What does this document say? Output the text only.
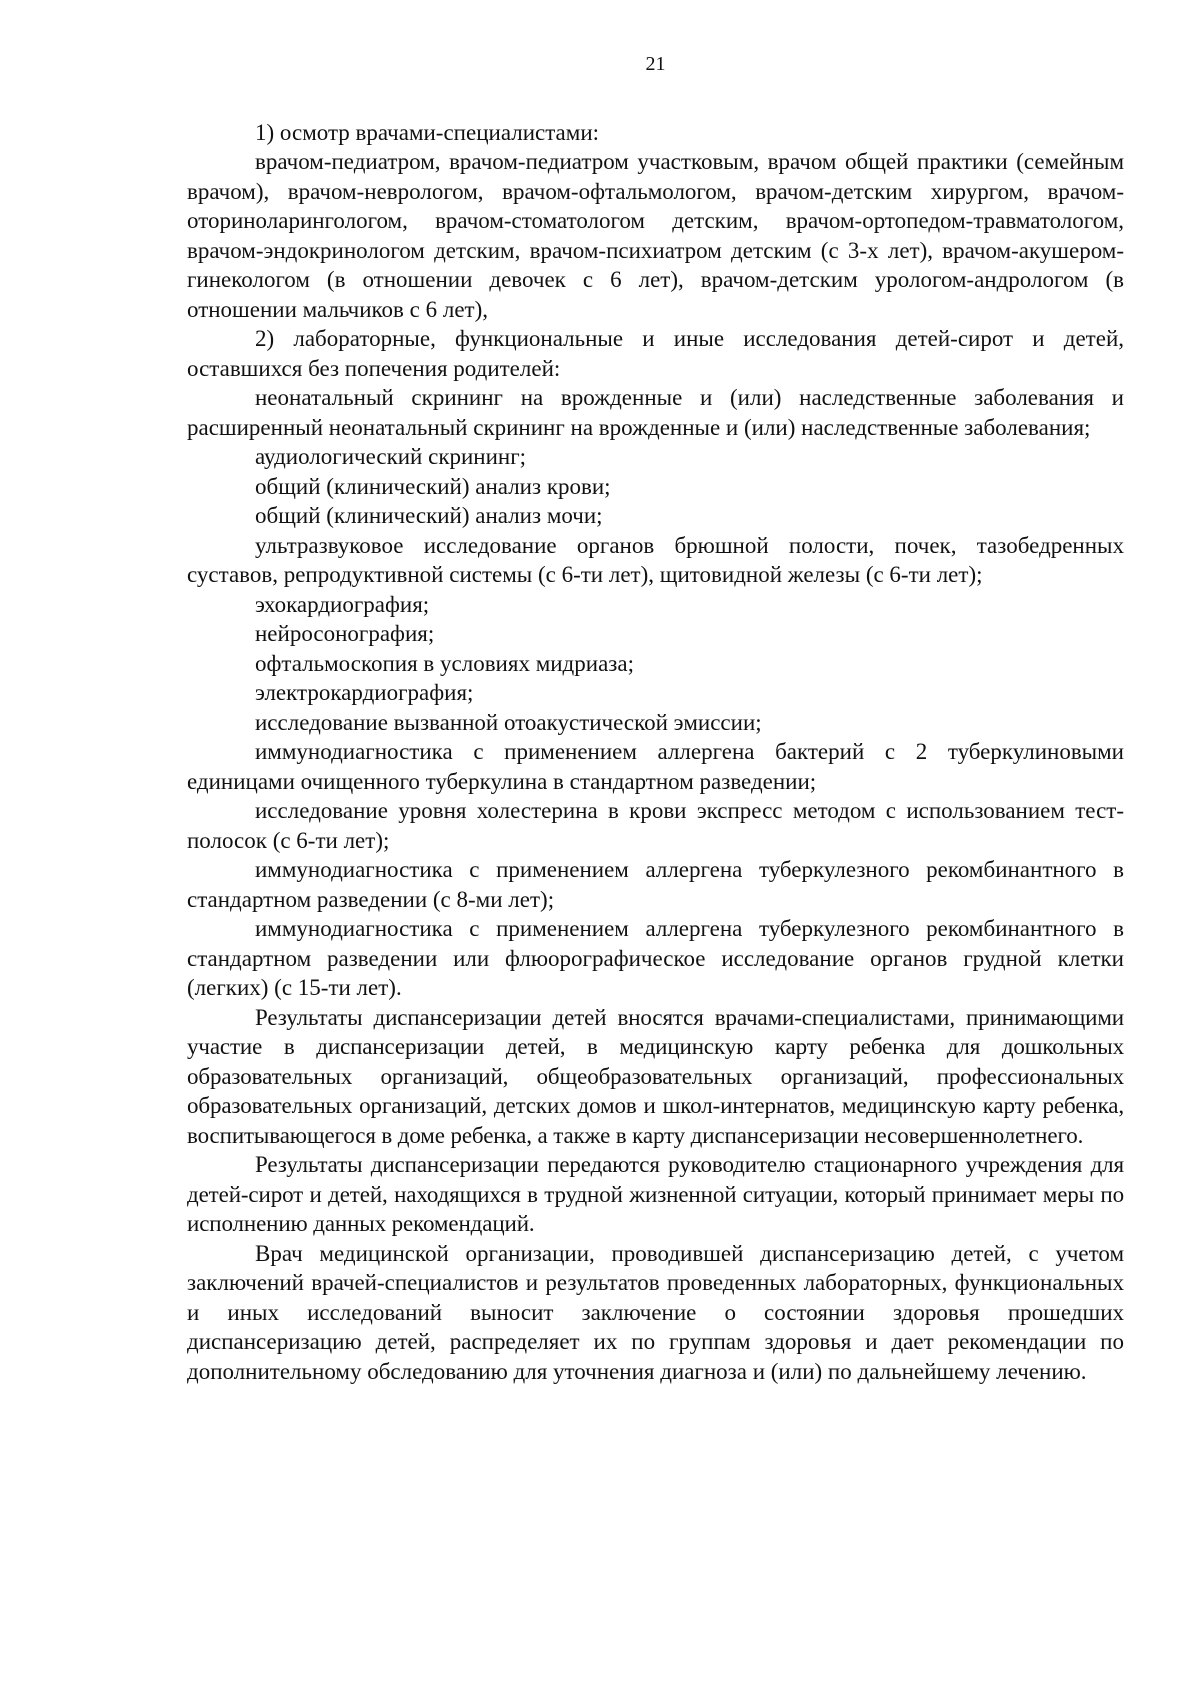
21

1) осмотр врачами-специалистами:

врачом-педиатром, врачом-педиатром участковым, врачом общей практики (семейным врачом), врачом-неврологом, врачом-офтальмологом, врачом-детским хирургом, врачом-оториноларингологом, врачом-стоматологом детским, врачом-ортопедом-травматологом, врачом-эндокринологом детским, врачом-психиатром детским (с 3-х лет), врачом-акушером-гинекологом (в отношении девочек с 6 лет), врачом-детским урологом-андрологом (в отношении мальчиков с 6 лет),

2) лабораторные, функциональные и иные исследования детей-сирот и детей, оставшихся без попечения родителей:

неонатальный скрининг на врожденные и (или) наследственные заболевания и расширенный неонатальный скрининг на врожденные и (или) наследственные заболевания;

аудиологический скрининг;

общий (клинический) анализ крови;

общий (клинический) анализ мочи;

ультразвуковое исследование органов брюшной полости, почек, тазобедренных суставов, репродуктивной системы (с 6-ти лет), щитовидной железы (с 6-ти лет);

эхокардиография;

нейросонография;

офтальмоскопия в условиях мидриаза;

электрокардиография;

исследование вызванной отоакустической эмиссии;

иммунодиагностика с применением аллергена бактерий с 2 туберкулиновыми единицами очищенного туберкулина в стандартном разведении;

исследование уровня холестерина в крови экспресс методом с использованием тест-полосок (с 6-ти лет);

иммунодиагностика с применением аллергена туберкулезного рекомбинантного в стандартном разведении (с 8-ми лет);

иммунодиагностика с применением аллергена туберкулезного рекомбинантного в стандартном разведении или флюорографическое исследование органов грудной клетки (легких) (с 15-ти лет).

Результаты диспансеризации детей вносятся врачами-специалистами, принимающими участие в диспансеризации детей, в медицинскую карту ребенка для дошкольных образовательных организаций, общеобразовательных организаций, профессиональных образовательных организаций, детских домов и школ-интернатов, медицинскую карту ребенка, воспитывающегося в доме ребенка, а также в карту диспансеризации несовершеннолетнего.

Результаты диспансеризации передаются руководителю стационарного учреждения для детей-сирот и детей, находящихся в трудной жизненной ситуации, который принимает меры по исполнению данных рекомендаций.

Врач медицинской организации, проводившей диспансеризацию детей, с учетом заключений врачей-специалистов и результатов проведенных лабораторных, функциональных и иных исследований выносит заключение о состоянии здоровья прошедших диспансеризацию детей, распределяет их по группам здоровья и дает рекомендации по дополнительному обследованию для уточнения диагноза и (или) по дальнейшему лечению.
